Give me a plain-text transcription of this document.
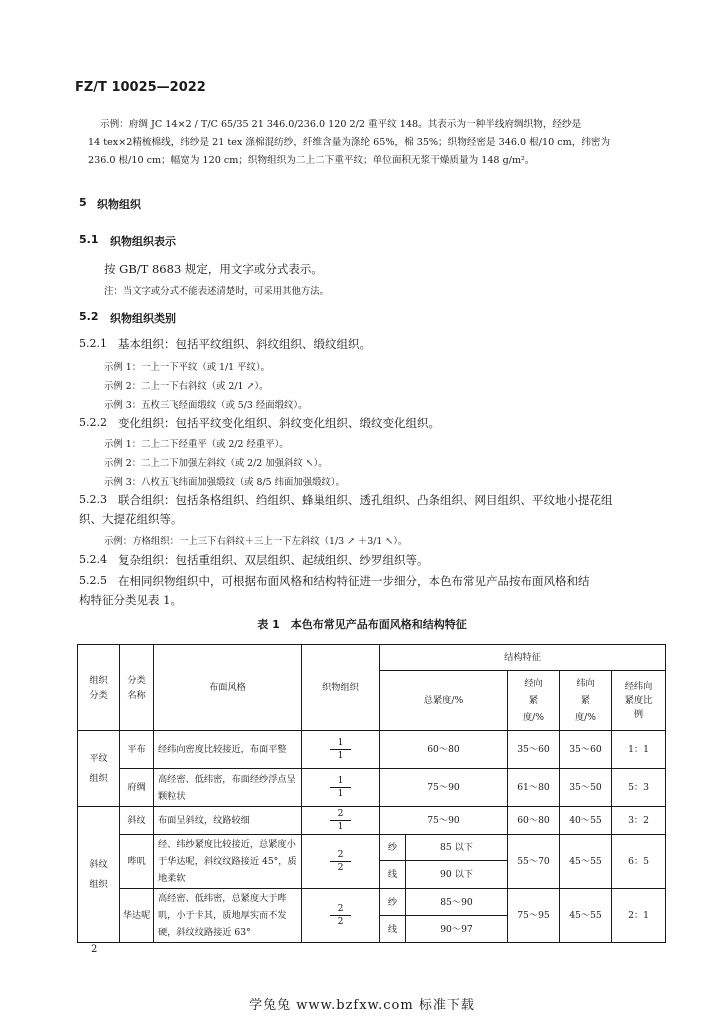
FZ/T 10025—2022
示例：府绸 JC 14×2 / T/C 65/35 21 346.0/236.0 120 2/2 重平纹 148。其表示为一种半线府绸织物，经纱是
14 tex×2精梳棉线，纬纱是 21 tex 涤棉混纺纱，纤维含量为涤纶 65%，棉 35%；织物经密是 346.0 根/10 cm，纬密为
236.0 根/10 cm；幅宽为 120 cm；织物组织为二上二下重平纹；单位面积无浆干燥质量为 148 g/m²。
5 织物组织
5.1 织物组织表示
按 GB/T 8683 规定，用文字或分式表示。
注：当文字或分式不能表述清楚时，可采用其他方法。
5.2 织物组织类别
5.2.1 基本组织：包括平纹组织、斜纹组织、缎纹组织。
示例 1：一上一下平纹（或 1/1 平纹）。
示例 2：二上一下右斜纹（或 2/1 ↗）。
示例 3：五枚三飞经面缎纹（或 5/3 经面缎纹）。
5.2.2 变化组织：包括平纹变化组织、斜纹变化组织、缎纹变化组织。
示例 1：二上二下经重平（或 2/2 经重平）。
示例 2：二上二下加强左斜纹（或 2/2 加强斜纹 ↖）。
示例 3：八枚五飞纬面加强缎纹（或 8/5 纬面加强缎纹）。
5.2.3 联合组织：包括条格组织、绉组织、蜂巢组织、透孔组织、凸条组织、网目组织、平纹地小提花组
织、大提花组织等。
示例：方格组织：一上三下右斜纹＋三上一下左斜纹（1/3 ↗ ＋3/1 ↖）。
5.2.4 复杂组织：包括重组织、双层组织、起绒组织、纱罗组织等。
5.2.5 在相同织物组织中，可根据布面风格和结构特征进一步细分，本色布常见产品按布面风格和结
构特征分类见表 1。
表 1　本色布常见产品布面风格和结构特征
组织分类	分类名称	布面风格	织物组织	结构特征				
				总紧度/%		经向紧度/%	纬向紧度/%	经纬向紧度比例
平纹组织	平布	经纬向密度比较接近，布面平整	$\frac{1}{1}$	60～80		35～60	35～60	1：1
	府绸	高经密、低纬密，布面经纱浮点呈颗粒状	$\frac{1}{1}$	75～90		61～80	35～50	5：3
斜纹组织	斜纹	布面呈斜纹，纹路较细	$\frac{2}{1}$	75～90		60～80	40～55	3：2
	哔叽	经、纬纱紧度比较接近，总紧度小于华达呢，斜纹纹路接近 45°，质地柔软	$\frac{2}{2}$	纱	85 以下	55～70	45～55	6：5
				线	90 以下			
	华达呢	高经密、低纬密，总紧度大于哔叽，小于卡其，质地厚实而不发硬，斜纹纹路接近 63°	$\frac{2}{2}$	纱	85～90	75～95	45～55	2：1
				线	90～97			
2
学兔兔 www.bzfxw.com 标准下载
